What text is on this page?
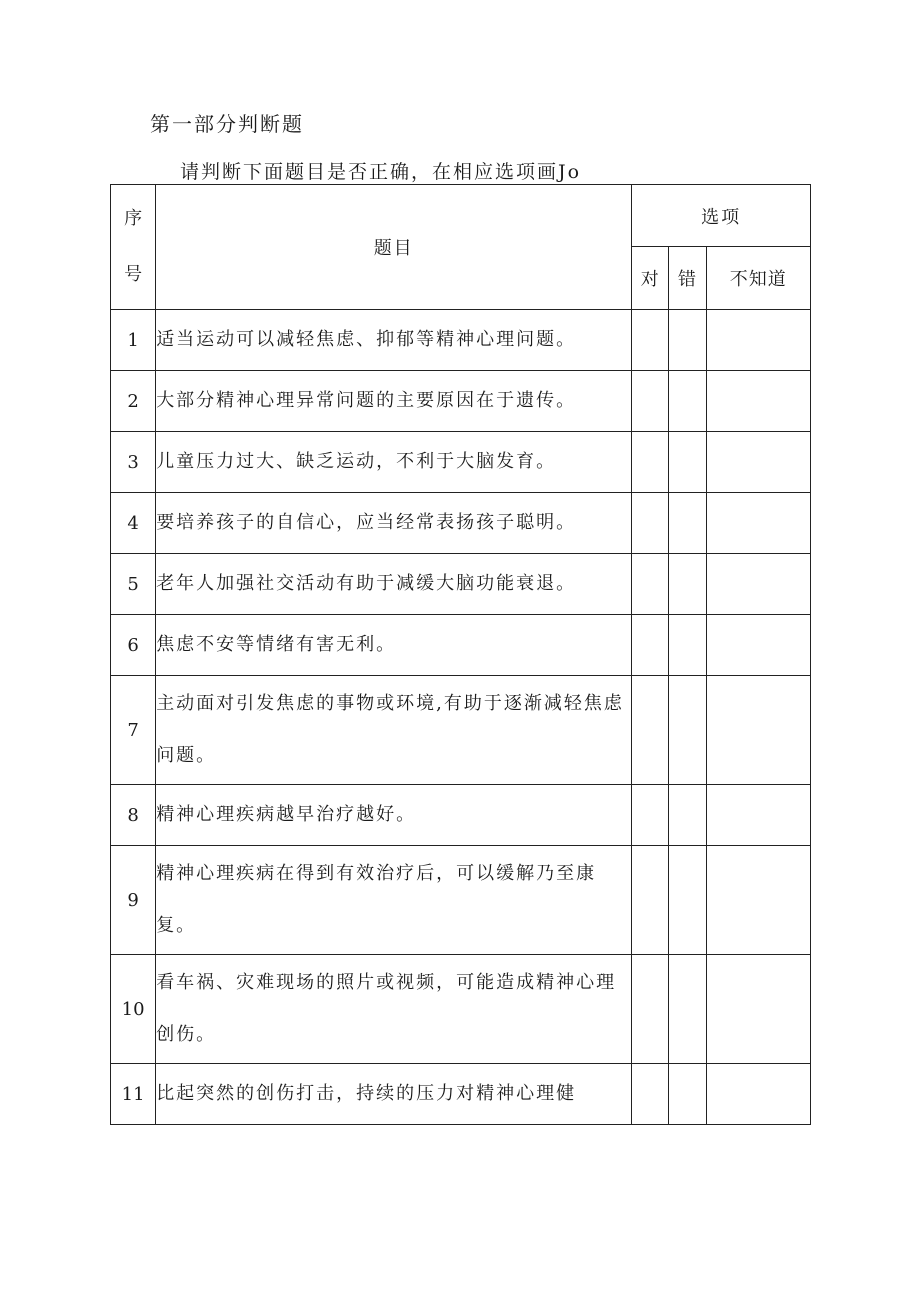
第一部分判断题
请判断下面题目是否正确，在相应选项画Jo
序
号	题目	选项		
		对	错	不知道
1	适当运动可以减轻焦虑、抑郁等精神心理问题。			
2	大部分精神心理异常问题的主要原因在于遗传。			
3	儿童压力过大、缺乏运动，不利于大脑发育。			
4	要培养孩子的自信心，应当经常表扬孩子聪明。			
5	老年人加强社交活动有助于减缓大脑功能衰退。			
6	焦虑不安等情绪有害无利。			
7	主动面对引发焦虑的事物或环境,有助于逐渐减轻焦虑问题。			
8	精神心理疾病越早治疗越好。			
9	精神心理疾病在得到有效治疗后，可以缓解乃至康复。			
10	看车祸、灾难现场的照片或视频，可能造成精神心理创伤。			
11	比起突然的创伤打击，持续的压力对精神心理健			
